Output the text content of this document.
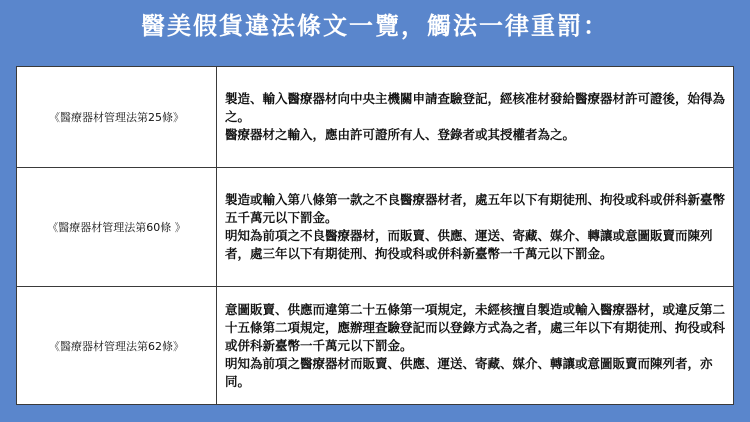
醫美假貨違法條文一覽，觸法一律重罰：
《醫療器材管理法第25條》	製造、輸入醫療器材向中央主機關申請查驗登記，經核准材發給醫療器材許可證後，始得為之。

醫療器材之輸入，應由許可證所有人、登錄者或其授權者為之。

《醫療器材管理法第60條 》	製造或輸入第八條第一款之不良醫療器材者，處五年以下有期徒刑、拘役或科或併科新臺幣五千萬元以下罰金。

明知為前項之不良醫療器材，而販賣、供應、運送、寄藏、媒介、轉讓或意圖販賣而陳列者，處三年以下有期徒刑、拘役或科或併科新臺幣一千萬元以下罰金。

《醫療器材管理法第62條》	意圖販賣、供應而違第二十五條第一項規定，未經核擅自製造或輸入醫療器材，或違反第二十五條第二項規定，應辦理查驗登記而以登錄方式為之者，處三年以下有期徒刑、拘役或科或併科新臺幣一千萬元以下罰金。

明知為前項之醫療器材而販賣、供應、運送、寄藏、媒介、轉讓或意圖販賣而陳列者，亦同。
